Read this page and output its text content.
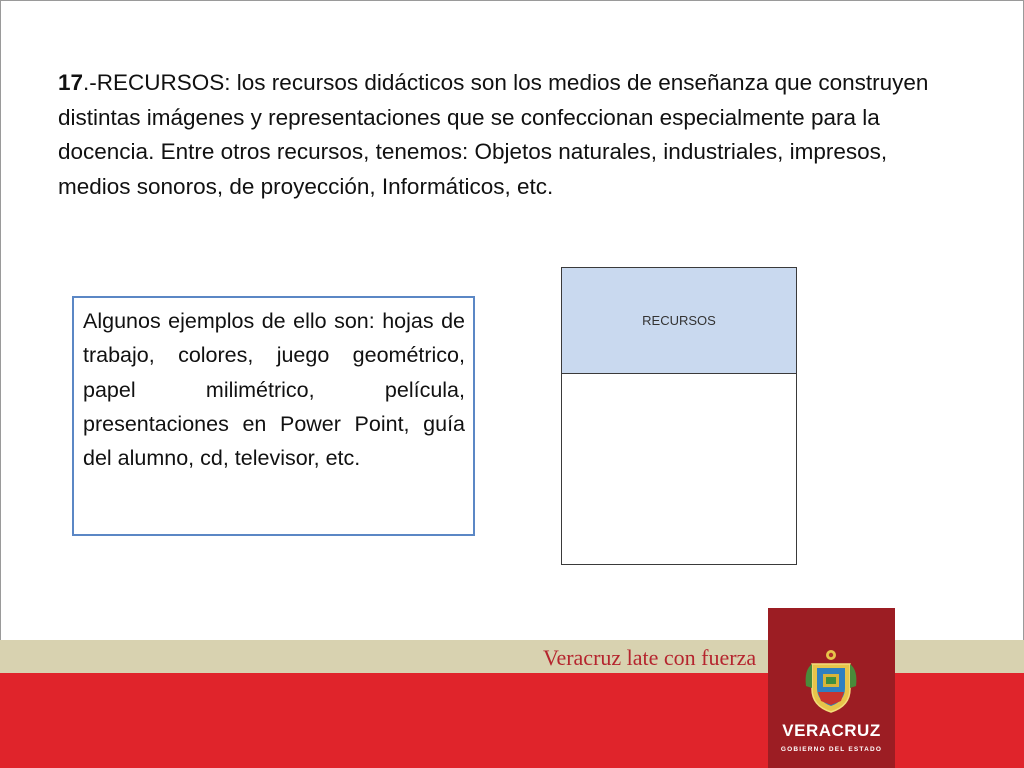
17.-RECURSOS: los recursos didácticos son los medios de enseñanza que construyen distintas imágenes y representaciones que se confeccionan especialmente para la docencia. Entre otros recursos, tenemos: Objetos naturales, industriales, impresos, medios sonoros, de proyección, Informáticos, etc.

Algunos ejemplos de ello son: hojas de trabajo, colores, juego geométrico, papel milimétrico, película, presentaciones en Power Point, guía del alumno, cd, televisor, etc.

RECURSOS
Veracruz late con fuerza
VERACRUZ
GOBIERNO DEL ESTADO
